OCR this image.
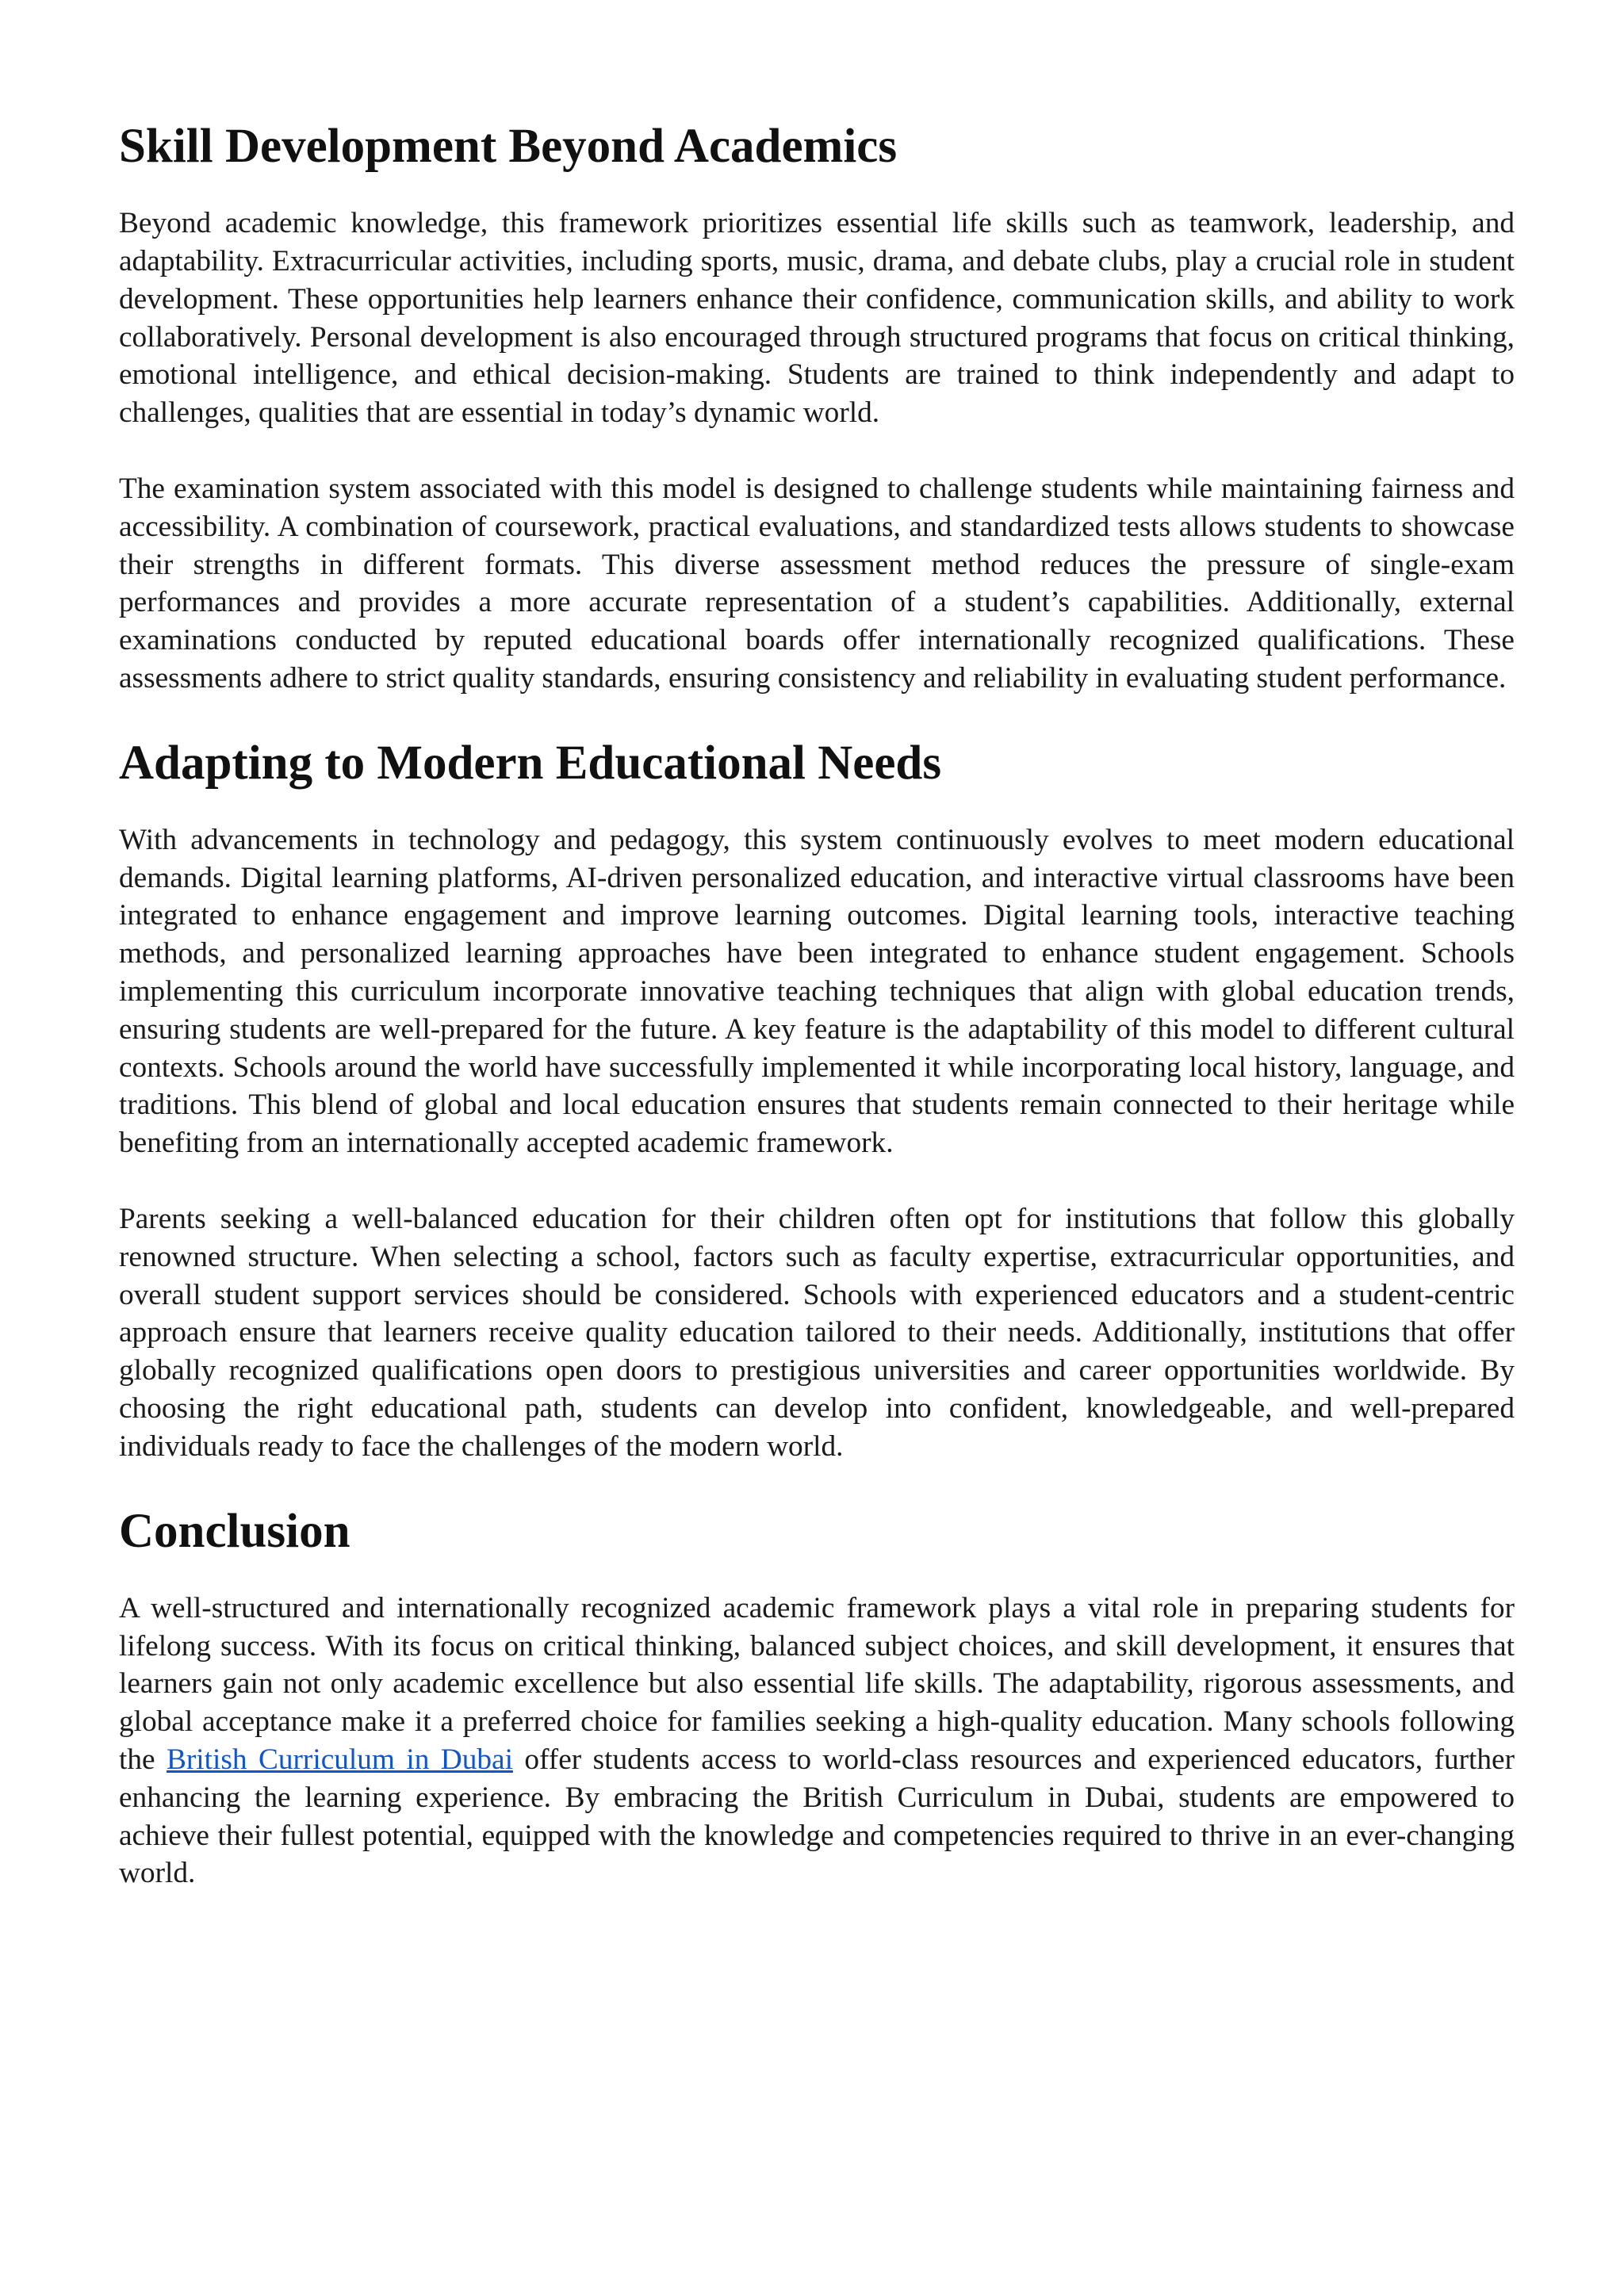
Skill Development Beyond Academics

Beyond academic knowledge, this framework prioritizes essential life skills such as teamwork, leadership, and adaptability. Extracurricular activities, including sports, music, drama, and debate clubs, play a crucial role in student development. These opportunities help learners enhance their confidence, communication skills, and ability to work collaboratively. Personal development is also encouraged through structured programs that focus on critical thinking, emotional intelligence, and ethical decision-making. Students are trained to think independently and adapt to challenges, qualities that are essential in today’s dynamic world.

The examination system associated with this model is designed to challenge students while maintaining fairness and accessibility. A combination of coursework, practical evaluations, and standardized tests allows students to showcase their strengths in different formats. This diverse assessment method reduces the pressure of single-exam performances and provides a more accurate representation of a student’s capabilities. Additionally, external examinations conducted by reputed educational boards offer internationally recognized qualifications. These assessments adhere to strict quality standards, ensuring consistency and reliability in evaluating student performance.

Adapting to Modern Educational Needs

With advancements in technology and pedagogy, this system continuously evolves to meet modern educational demands. Digital learning platforms, AI-driven personalized education, and interactive virtual classrooms have been integrated to enhance engagement and improve learning outcomes. Digital learning tools, interactive teaching methods, and personalized learning approaches have been integrated to enhance student engagement. Schools implementing this curriculum incorporate innovative teaching techniques that align with global education trends, ensuring students are well-prepared for the future. A key feature is the adaptability of this model to different cultural contexts. Schools around the world have successfully implemented it while incorporating local history, language, and traditions. This blend of global and local education ensures that students remain connected to their heritage while benefiting from an internationally accepted academic framework.

Parents seeking a well-balanced education for their children often opt for institutions that follow this globally renowned structure. When selecting a school, factors such as faculty expertise, extracurricular opportunities, and overall student support services should be considered. Schools with experienced educators and a student-centric approach ensure that learners receive quality education tailored to their needs. Additionally, institutions that offer globally recognized qualifications open doors to prestigious universities and career opportunities worldwide. By choosing the right educational path, students can develop into confident, knowledgeable, and well-prepared individuals ready to face the challenges of the modern world.

Conclusion

A well-structured and internationally recognized academic framework plays a vital role in preparing students for lifelong success. With its focus on critical thinking, balanced subject choices, and skill development, it ensures that learners gain not only academic excellence but also essential life skills. The adaptability, rigorous assessments, and global acceptance make it a preferred choice for families seeking a high-quality education. Many schools following the British Curriculum in Dubai offer students access to world-class resources and experienced educators, further enhancing the learning experience. By embracing the British Curriculum in Dubai, students are empowered to achieve their fullest potential, equipped with the knowledge and competencies required to thrive in an ever-changing world.
